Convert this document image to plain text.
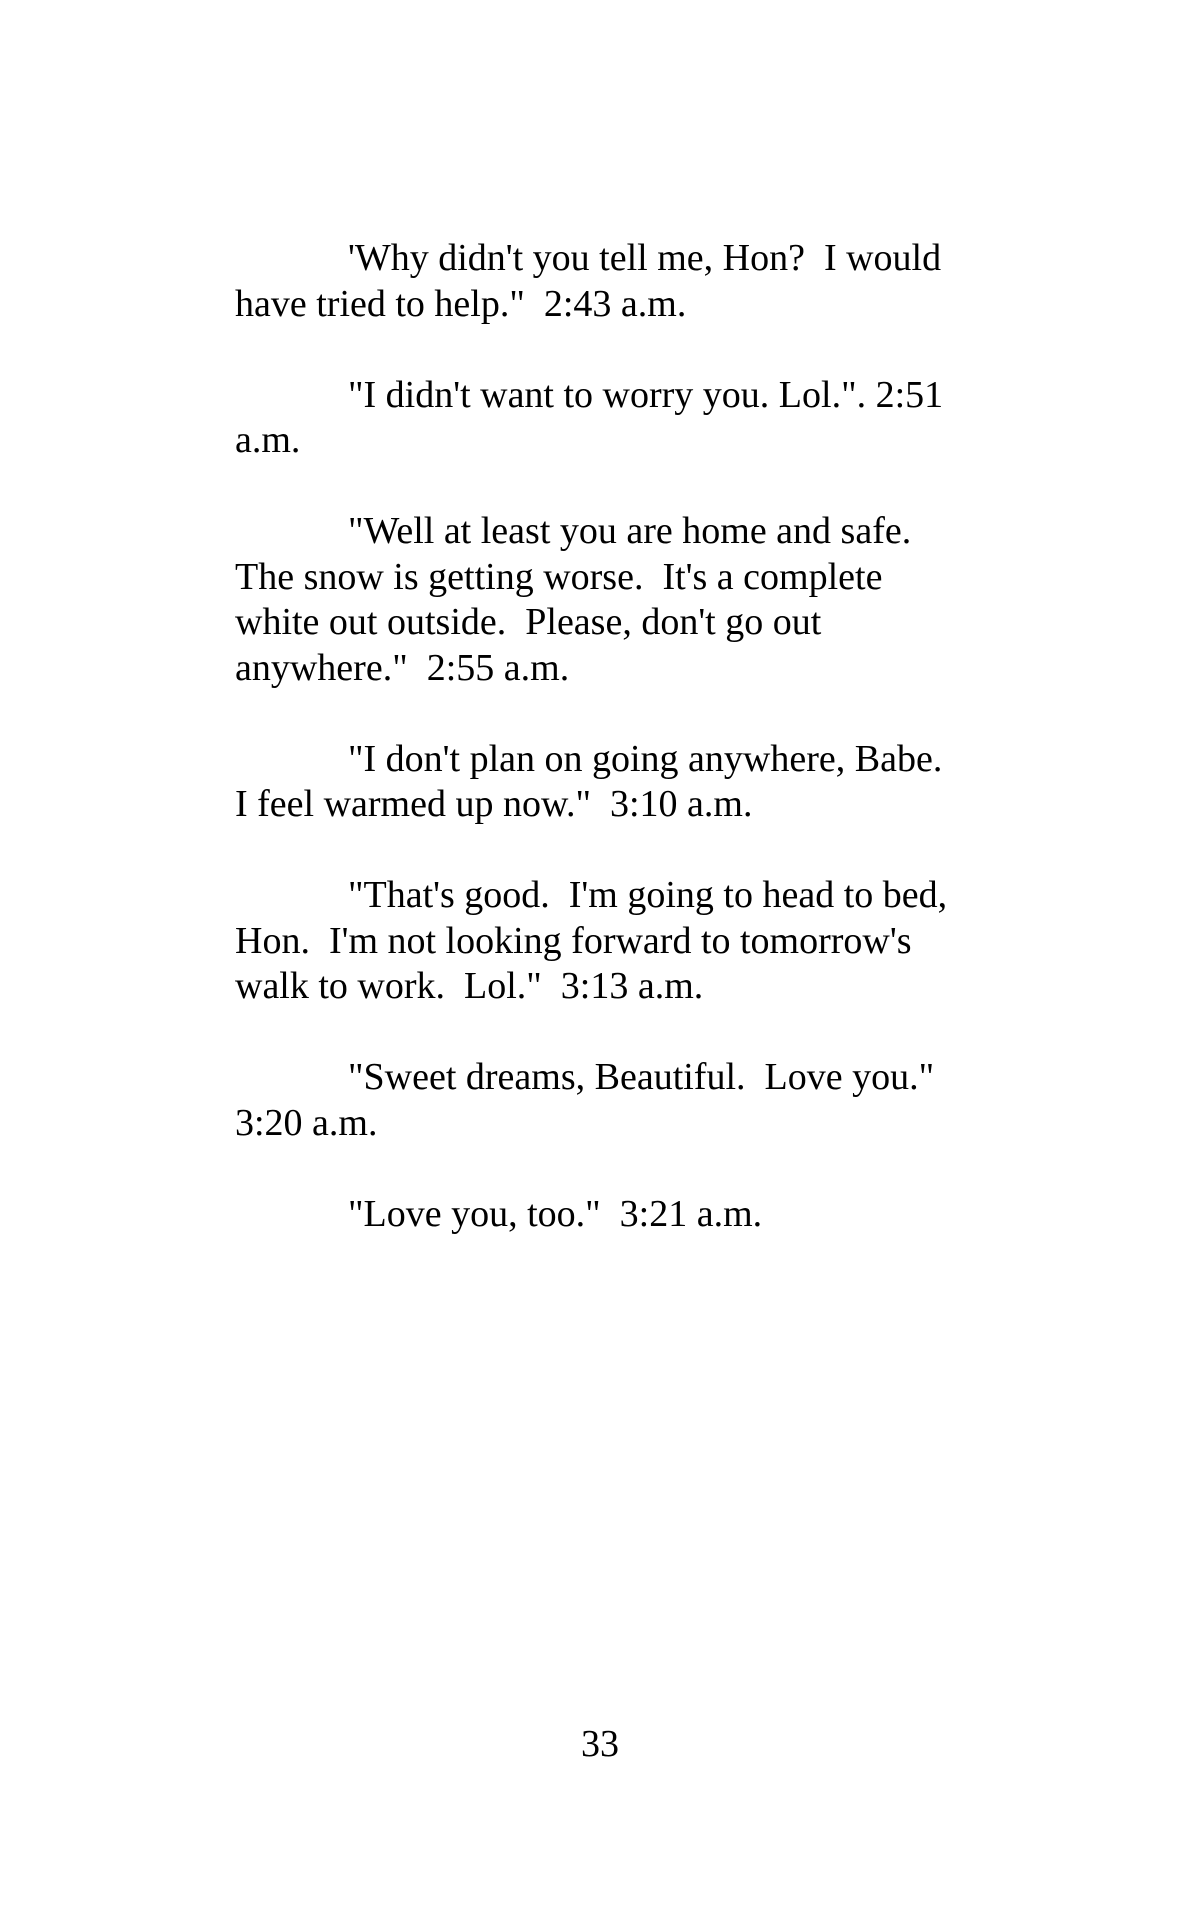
'Why didn't you tell me, Hon?  I would have tried to help."  2:43 a.m.

"I didn't want to worry you. Lol.". 2:51 a.m.

"Well at least you are home and safe. The snow is getting worse.  It's a complete white out outside.  Please, don't go out anywhere."  2:55 a.m.

"I don't plan on going anywhere, Babe.  I feel warmed up now."  3:10 a.m.

"That's good.  I'm going to head to bed, Hon.  I'm not looking forward to tomorrow's walk to work.  Lol."  3:13 a.m.

"Sweet dreams, Beautiful.  Love you."  3:20 a.m.

"Love you, too."  3:21 a.m.

33
